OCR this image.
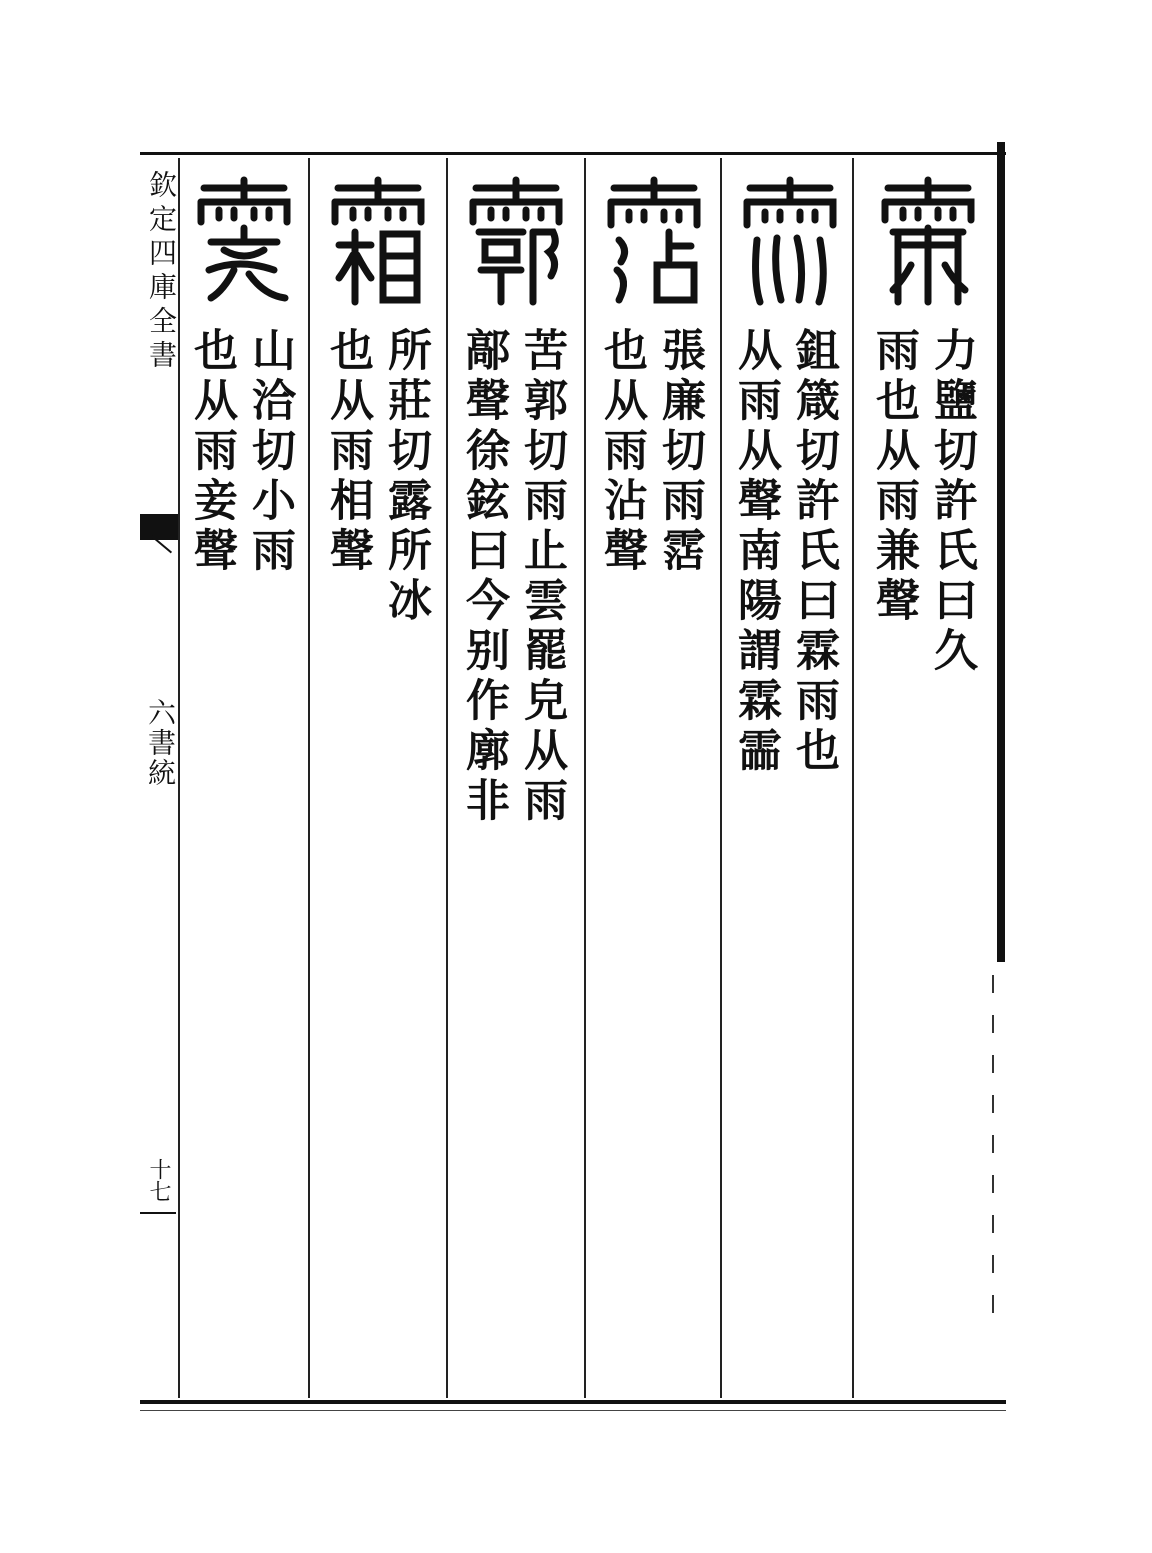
欽定四庫全書
六書統
十七
力鹽切許氏曰久
雨也从雨兼聲
鉏箴切許氏曰霖雨也
从雨从聲南陽謂霖霝
張廉切雨霑
也从雨沾聲
苦郭切雨止雲罷皃从雨
鄗聲徐鉉曰今别作廓非
所莊切露所冰
也从雨相聲
山洽切小雨
也从雨妾聲
